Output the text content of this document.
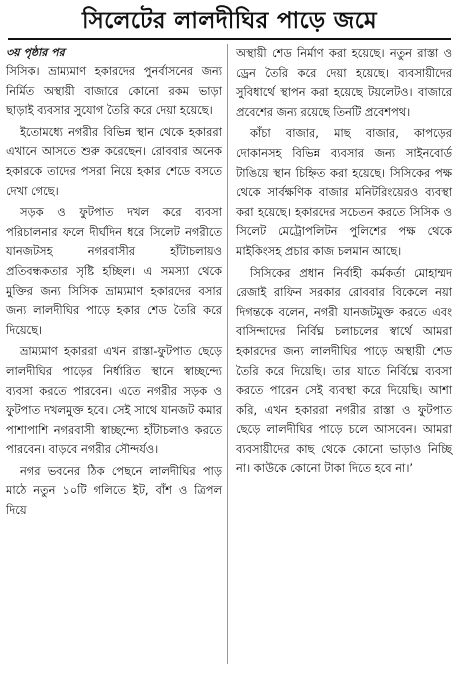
সিলেটের লালদীঘির পাড়ে জমে
৩য় পৃষ্ঠার পর

সিসিক। ভ্রাম্যমাণ হকারদের পুনর্বাসনের জন্য নির্মিত অস্থায়ী বাজারে কোনো রকম ভাড়া ছাড়াই ব্যবসার সুযোগ তৈরি করে দেয়া হয়েছে।

ইতোমধ্যে নগরীর বিভিন্ন স্থান থেকে হকাররা এখানে আসতে শুরু করেছেন। রোববার অনেক হকারকে তাদের পসরা নিয়ে হকার শেডে বসতে দেখা গেছে।

সড়ক ও ফুটপাত দখল করে ব্যবসা পরিচালনার ফলে দীর্ঘদিন ধরে সিলেট নগরীতে যানজটসহ নগরবাসীর হাঁটাচলায়ও প্রতিবন্ধকতার সৃষ্টি হচ্ছিল। এ সমস্যা থেকে মুক্তির জন্য সিসিক ভ্রাম্যমাণ হকারদের বসার জন্য লালদীঘির পাড়ে হকার শেড তৈরি করে দিয়েছে।

ভ্রাম্যমাণ হকাররা এখন রাস্তা-ফুটপাত ছেড়ে লালদীঘির পাড়ের নির্ধারিত স্থানে স্বাচ্ছন্দ্যে ব্যবসা করতে পারবেন। এতে নগরীর সড়ক ও ফুটপাত দখলমুক্ত হবে। সেই সাথে যানজট কমার পাশাপাশি নগরবাসী স্বাচ্ছন্দ্যে হাঁটাচলাও করতে পারবেন। বাড়বে নগরীর সৌন্দর্যও।

নগর ভবনের ঠিক পেছনে লালদীঘির পাড় মাঠে নতুন ১০টি গলিতে ইট, বাঁশ ও ত্রিপল দিয়ে

অস্থায়ী শেড নির্মাণ করা হয়েছে। নতুন রাস্তা ও ড্রেন তৈরি করে দেয়া হয়েছে। ব্যবসায়ীদের সুবিধার্থে স্থাপন করা হয়েছে টয়লেটও। বাজারে প্রবেশের জন্য রয়েছে তিনটি প্রবেশপথ।

কাঁচা বাজার, মাছ বাজার, কাপড়ের দোকানসহ বিভিন্ন ব্যবসার জন্য সাইনবোর্ড টাঙিয়ে স্থান চিহ্নিত করা হয়েছে। সিসিকের পক্ষ থেকে সার্বক্ষণিক বাজার মনিটরিংয়েরও ব্যবস্থা করা হয়েছে। হকারদের সচেতন করতে সিসিক ও সিলেট মেট্রোপলিটন পুলিশের পক্ষ থেকে মাইকিংসহ প্রচার কাজ চলমান আছে।

সিসিকের প্রধান নির্বাহী কর্মকর্তা মোহাম্মদ রেজাই রাফিন সরকার রোববার বিকেলে নয়া দিগন্তকে বলেন, নগরী যানজটমুক্ত করতে এবং বাসিন্দাদের নির্বিঘ্ন চলাচলের স্বার্থে আমরা হকারদের জন্য লালদীঘির পাড়ে অস্থায়ী শেড তৈরি করে দিয়েছি। তার যাতে নির্বিঘ্নে ব্যবসা করতে পারেন সেই ব্যবস্থা করে দিয়েছি। আশা করি, এখন হকাররা নগরীর রাস্তা ও ফুটপাত ছেড়ে লালদীঘির পাড়ে চলে আসবেন। আমরা ব্যবসায়ীদের কাছ থেকে কোনো ভাড়াও নিচ্ছি না। কাউকে কোনো টাকা দিতে হবে না।’
